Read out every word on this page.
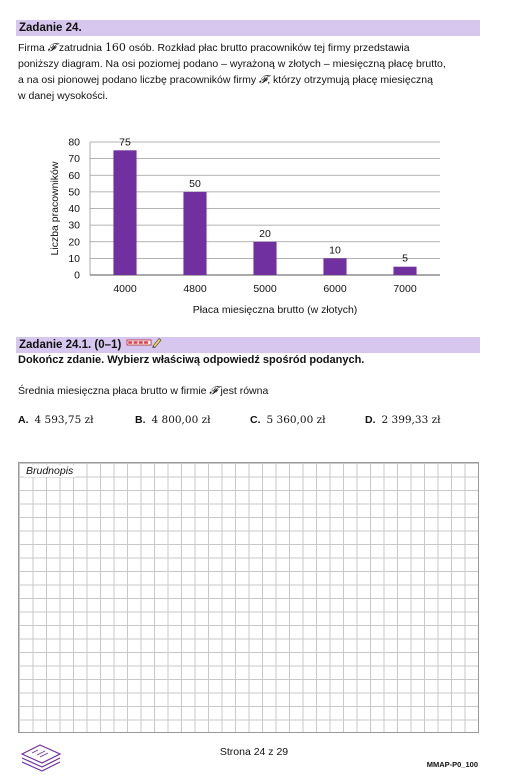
Zadanie 24.

Firma 𝓕 zatrudnia 160 osób. Rozkład płac brutto pracowników tej firmy przedstawia
poniższy diagram. Na osi poziomej podano – wyrażoną w złotych – miesięczną płacę brutto,
a na osi pionowej podano liczbę pracowników firmy 𝓕, którzy otrzymują płacę miesięczną
w danej wysokości.

0
10
20
30
40
50
60
70
80	75
4000
50
4800
20
5000
10
6000
5
7000
Płaca miesięczna brutto (w złotych)
Liczba pracowników
Zadanie 24.1. (0–1)

Dokończ zdanie. Wybierz właściwą odpowiedź spośród podanych.

Średnia miesięczna płaca brutto w firmie 𝓕 jest równa

A. 4 593,75 zł	B. 4 800,00 zł	C. 5 360,00 zł	D. 2 399,33 zł
Brudnopis
Strona 24 z 29
MMAP-P0_100
